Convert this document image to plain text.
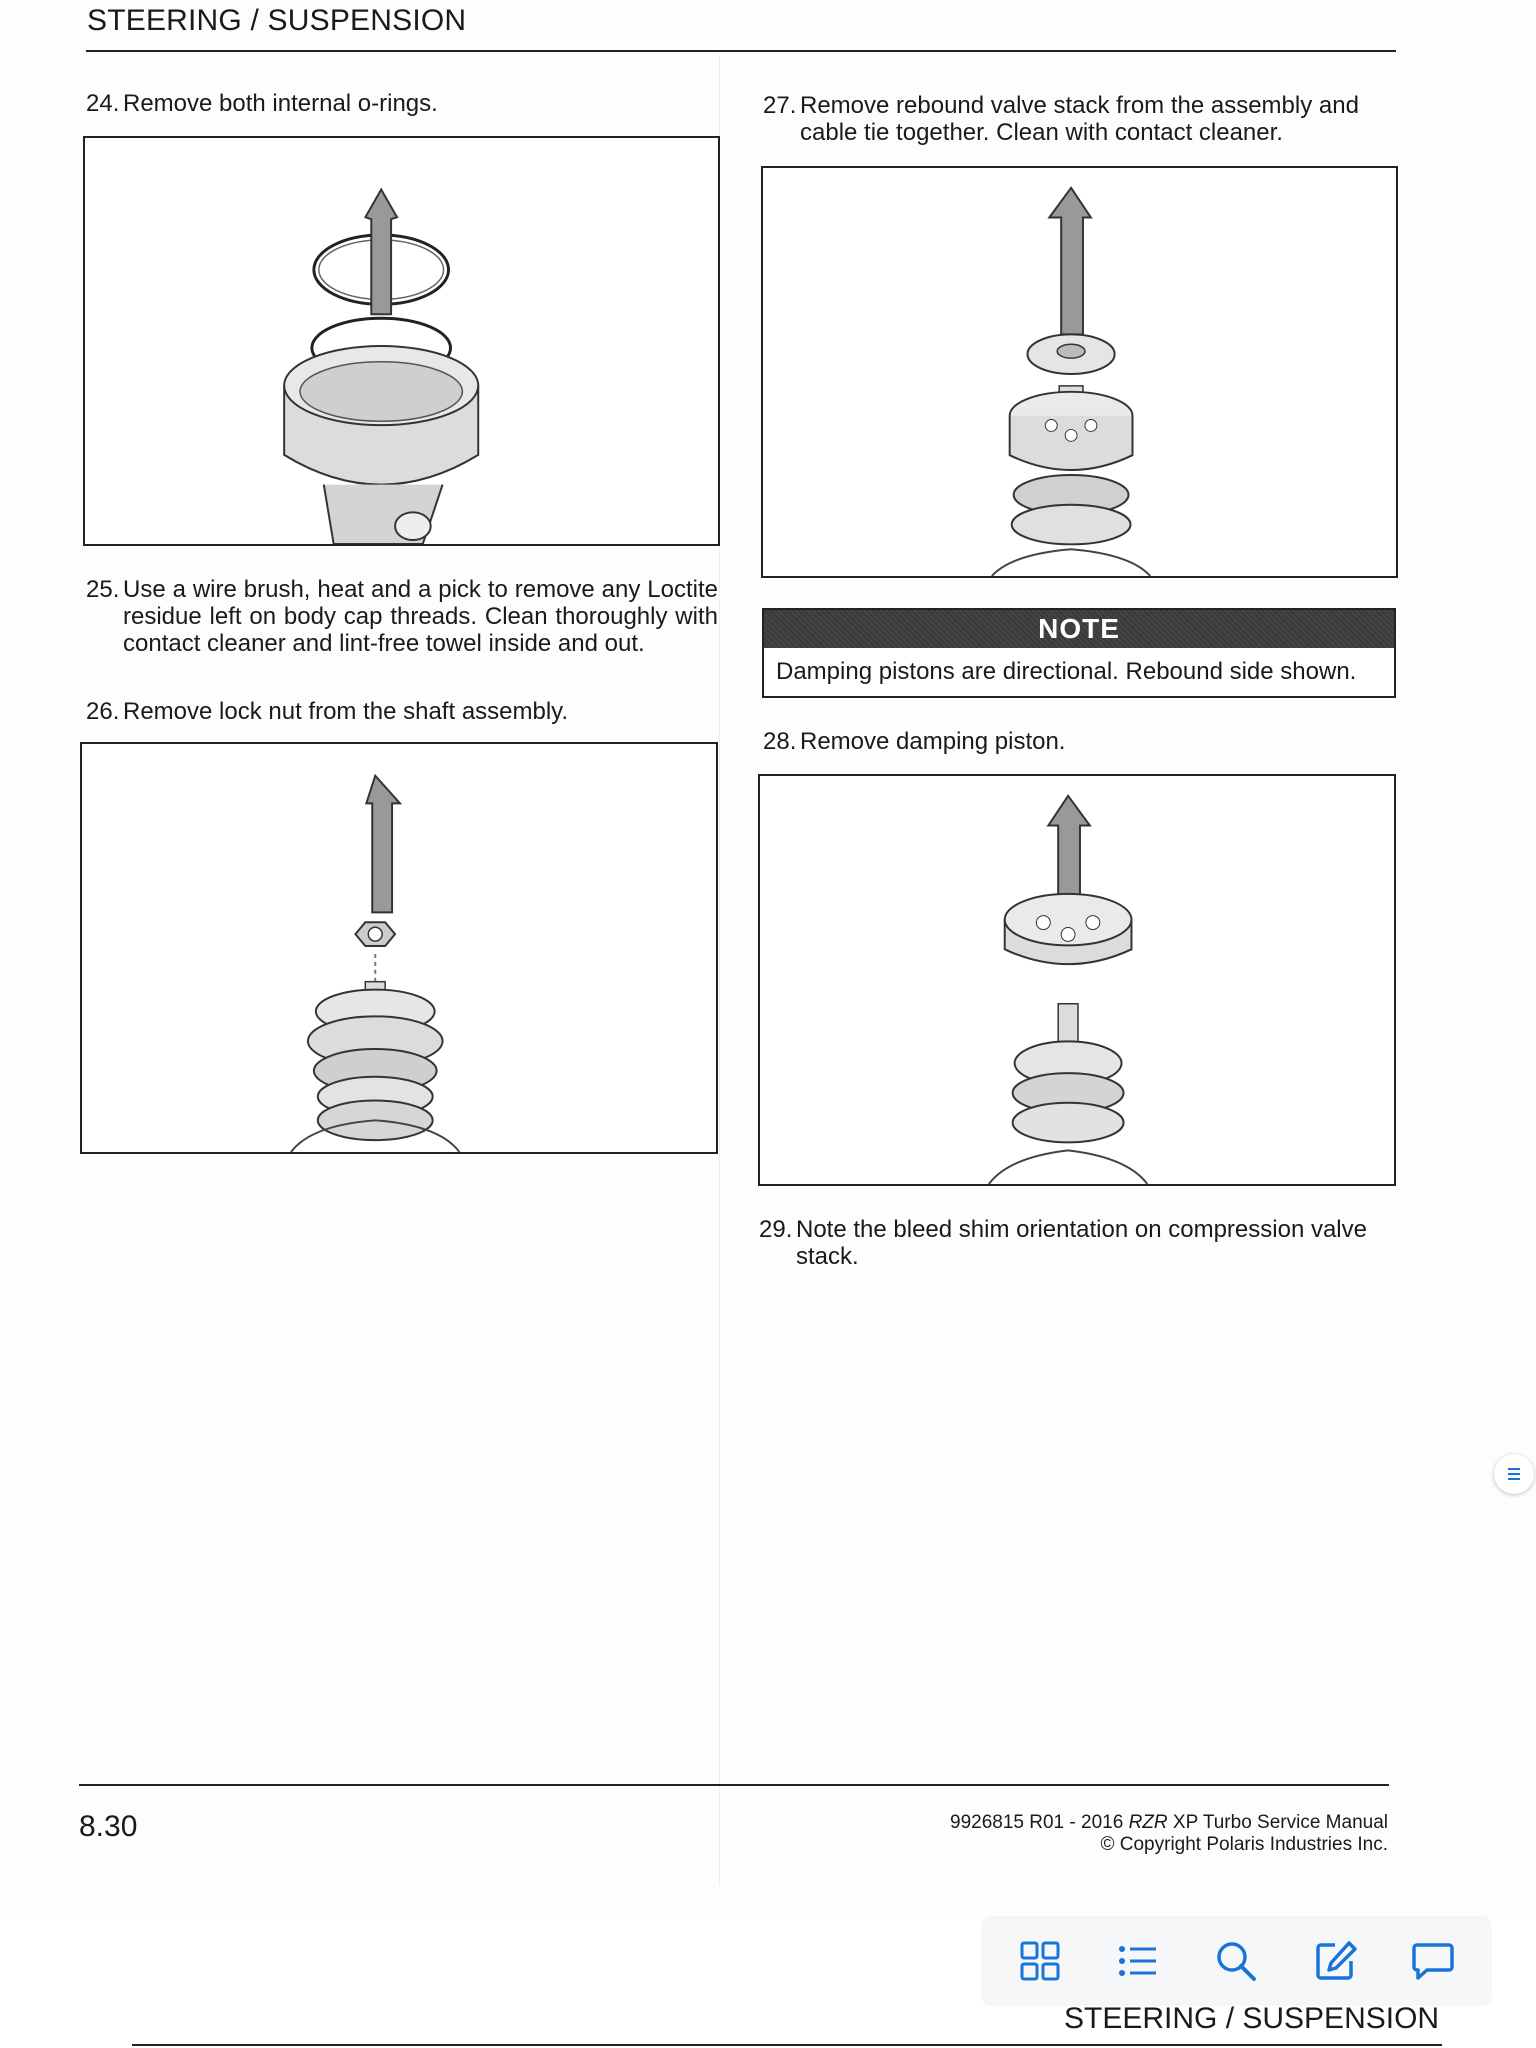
STEERING / SUSPENSION
24. Remove both internal o-rings.
25. Use a wire brush, heat and a pick to remove any Loctite residue left on body cap threads. Clean thoroughly with contact cleaner and lint-free towel inside and out.
26. Remove lock nut from the shaft assembly.
27. Remove rebound valve stack from the assembly and cable tie together. Clean with contact cleaner.
NOTE
Damping pistons are directional. Rebound side shown.
28. Remove damping piston.
29. Note the bleed shim orientation on compression valve stack.
8.30	9926815 R01 - 2016 RZR XP Turbo Service Manual
© Copyright Polaris Industries Inc.
STEERING / SUSPENSION
